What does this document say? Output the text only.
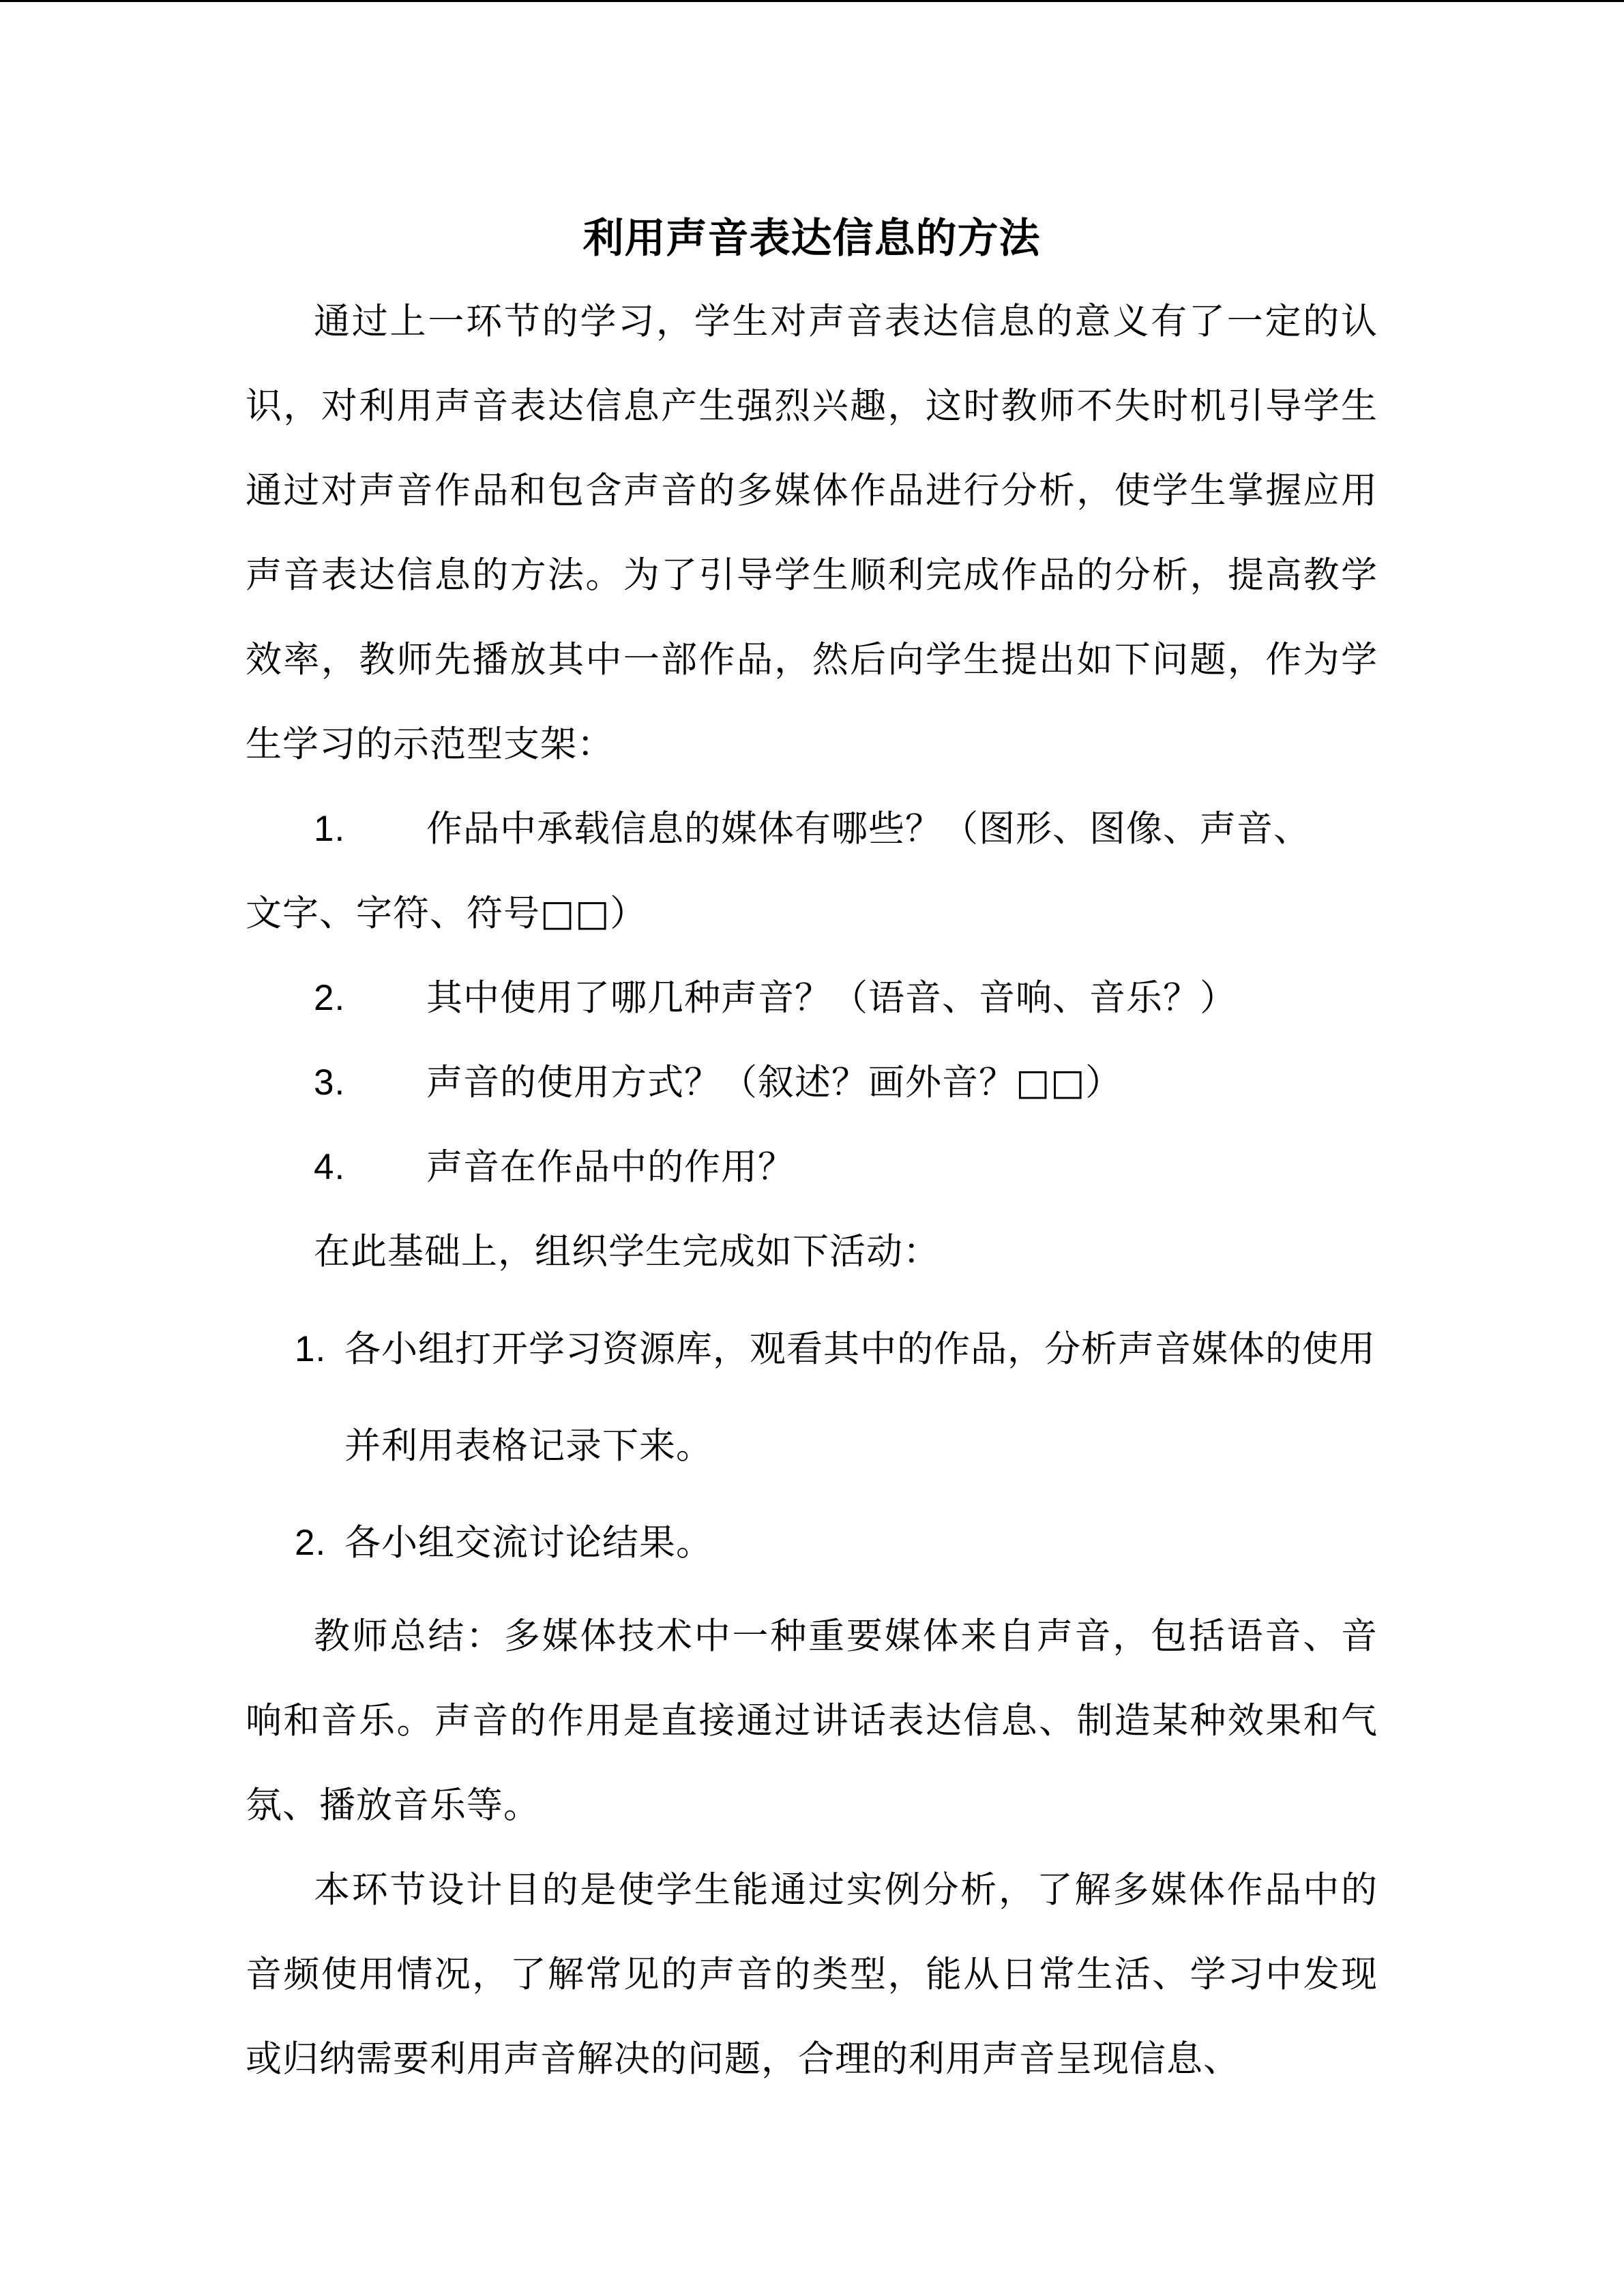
利用声音表达信息的方法

通过上一环节的学习，学生对声音表达信息的意义有了一定的认识，对利用声音表达信息产生强烈兴趣，这时教师不失时机引导学生通过对声音作品和包含声音的多媒体作品进行分析，使学生掌握应用声音表达信息的方法。为了引导学生顺利完成作品的分析，提高教学效率，教师先播放其中一部作品，然后向学生提出如下问题，作为学生学习的示范型支架：

1. 作品中承载信息的媒体有哪些？（图形、图像、声音、

文字、字符、符号□□）

2. 其中使用了哪几种声音？（语音、音响、音乐？）

3. 声音的使用方式？（叙述？画外音？□□）

4. 声音在作品中的作用？

在此基础上，组织学生完成如下活动：

1. 各小组打开学习资源库，观看其中的作品，分析声音媒体的使用并利用表格记录下来。
2. 各小组交流讨论结果。

教师总结：多媒体技术中一种重要媒体来自声音，包括语音、音响和音乐。声音的作用是直接通过讲话表达信息、制造某种效果和气氛、播放音乐等。

本环节设计目的是使学生能通过实例分析，了解多媒体作品中的音频使用情况，了解常见的声音的类型，能从日常生活、学习中发现或归纳需要利用声音解决的问题，合理的利用声音呈现信息、
